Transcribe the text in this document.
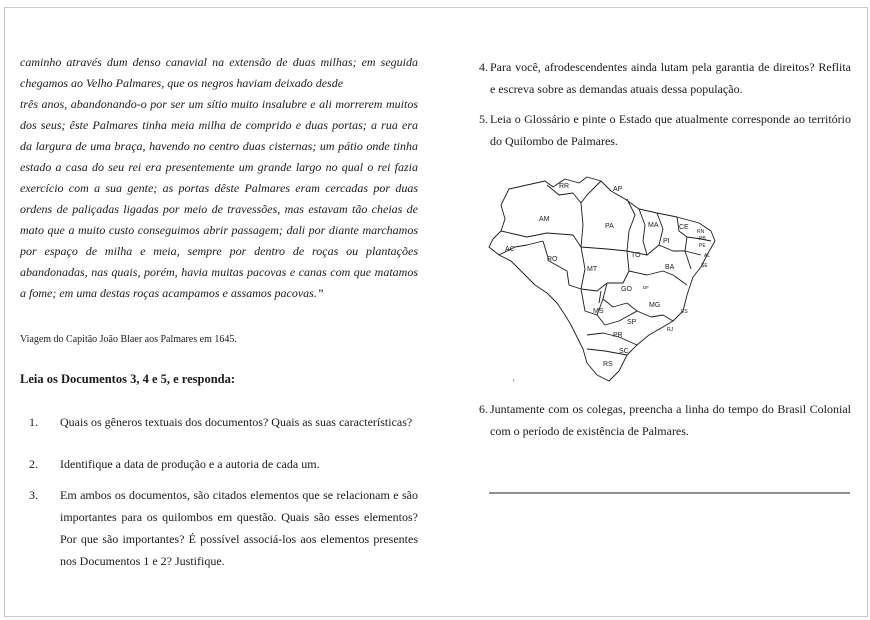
caminho através dum denso canavial na extensão de duas milhas; em seguida
chegamos ao Velho Palmares, que os negros haviam deixado desde
três anos, abandonando-o por ser um sítio muito insalubre e ali morrerem muitos
dos seus; êste Palmares tinha meia milha de comprido e duas portas; a rua era
da largura de uma braça, havendo no centro duas cisternas; um pátio onde tinha
estado a casa do seu rei era presentemente um grande largo no qual o rei fazia
exercício com a sua gente; as portas dêste Palmares eram cercadas por duas
ordens de paliçadas ligadas por meio de travessões, mas estavam tão cheias de
mato que a muito custo conseguimos abrir passagem; dali por diante marchamos
por espaço de milha e meia, sempre por dentro de roças ou plantações
abandonadas, nas quais, porém, havia muitas pacovas e canas com que matamos
a fome; em uma destas roças acampamos e assamos pacovas.”

Viagem do Capitão João Blaer aos Palmares em 1645.
Leia os Documentos 3, 4 e 5, e responda:
1. Quais os gêneros textuais dos documentos? Quais as suas características?
2. Identifique a data de produção e a autoria de cada um.
3. Em ambos os documentos, são citados elementos que se relacionam e são
importantes para os quilombos em questão. Quais são esses elementos?
Por que são importantes? É possível associá-los aos elementos presentes
nos Documentos 1 e 2? Justifique.
4. Para você, afrodescendentes ainda lutam pela garantia de direitos? Reflita
e escreva sobre as demandas atuais dessa população.
5. Leia o Glossário e pinte o Estado que atualmente corresponde ao território
do Quilombo de Palmares.
RR	AP
AM
PA	MA	CE
RN
PB
PE
AL
SE
PI
AC
RO
TO
BA
MT
DF
GO
MG
ES
MS
SP
RJ
PR
SC
RS
ı
6. Juntamente com os colegas, preencha a linha do tempo do Brasil Colonial
com o período de existência de Palmares.
